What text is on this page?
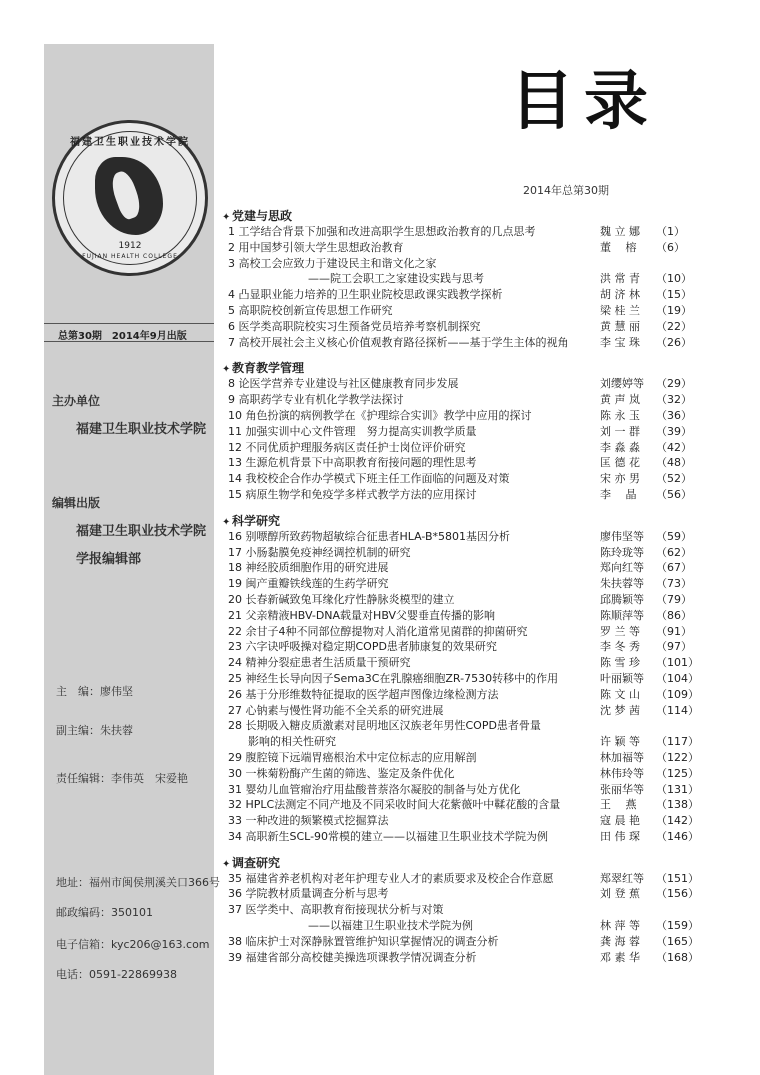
福建卫生职业技术学院
1912
FUJIAN HEALTH COLLEGE
总第30期　2014年9月出版
主办单位
福建卫生职业技术学院
编辑出版
福建卫生职业技术学院
学报编辑部
主　编：廖伟坚
副主编：朱扶蓉
责任编辑：李伟英　宋爱艳
地址：福州市闽侯荆溪关口366号
邮政编码：350101
电子信箱：kyc206@163.com
电话：0591-22869938
目录
2014年总第30期
✦ 党建与思政
1 工学结合背景下加强和改进高职学生思想政治教育的几点思考	魏 立 娜	（1）
2 用中国梦引领大学生思想政治教育	董　 榕	（6）
3 高校工会应致力于建设民主和谐文化之家
——院工会职工之家建设实践与思考	洪 常 青	（10）
4 凸显职业能力培养的卫生职业院校思政课实践教学探析	胡 济 林	（15）
5 高职院校创新宣传思想工作研究	梁 桂 兰	（19）
6 医学类高职院校实习生预备党员培养考察机制探究	黄 慧 丽	（22）
7 高校开展社会主义核心价值观教育路径探析——基于学生主体的视角	李 宝 珠	（26）
✦ 教育教学管理
8 论医学营养专业建设与社区健康教育同步发展	刘缨婷等	（29）
9 高职药学专业有机化学教学法探讨	黄 声 岚	（32）
10 角色扮演的病例教学在《护理综合实训》教学中应用的探讨	陈 永 玉	（36）
11 加强实训中心文件管理　努力提高实训教学质量	刘 一 群	（39）
12 不同优质护理服务病区责任护士岗位评价研究	李 淼 淼	（42）
13 生源危机背景下中高职教育衔接问题的理性思考	匡 德 花	（48）
14 我校校企合作办学模式下班主任工作面临的问题及对策	宋 亦 男	（52）
15 病原生物学和免疫学多样式教学方法的应用探讨	李　 晶	（56）
✦ 科学研究
16 别嘌醇所致药物超敏综合征患者HLA-B*5801基因分析	廖伟坚等	（59）
17 小肠黏膜免疫神经调控机制的研究	陈玲珑等	（62）
18 神经胶质细胞作用的研究进展	郑向红等	（67）
19 闽产重瓣铁线莲的生药学研究	朱扶蓉等	（73）
20 长春新碱致兔耳缘化疗性静脉炎模型的建立	邱腾颖等	（79）
21 父亲精液HBV-DNA载量对HBV父婴垂直传播的影响	陈顺萍等	（86）
22 余甘子4种不同部位醇提物对人消化道常见菌群的抑菌研究	罗 兰 等	（91）
23 六字诀呼吸操对稳定期COPD患者肺康复的效果研究	李 冬 秀	（97）
24 精神分裂症患者生活质量干预研究	陈 雪 珍	（101）
25 神经生长导向因子Sema3C在乳腺癌细胞ZR-7530转移中的作用	叶丽颖等	（104）
26 基于分形维数特征提取的医学超声图像边缘检测方法	陈 文 山	（109）
27 心钠素与慢性肾功能不全关系的研究进展	沈 梦 茜	（114）
28 长期吸入糖皮质激素对昆明地区汉族老年男性COPD患者骨量
影响的相关性研究	许 颖 等	（117）
29 腹腔镜下远端胃癌根治术中定位标志的应用解剖	林加福等	（122）
30 一株菊粉酶产生菌的筛选、鉴定及条件优化	林伟玲等	（125）
31 婴幼儿血管瘤治疗用盐酸普萘洛尔凝胶的制备与处方优化	张丽华等	（131）
32 HPLC法测定不同产地及不同采收时间大花紫薇叶中鞣花酸的含量	王　 燕	（138）
33 一种改进的频繁模式挖掘算法	寇 晨 艳	（142）
34 高职新生SCL-90常模的建立——以福建卫生职业技术学院为例	田 伟 琛	（146）
✦ 调查研究
35 福建省养老机构对老年护理专业人才的素质要求及校企合作意愿	郑翠红等	（151）
36 学院教材质量调查分析与思考	刘 登 蕉	（156）
37 医学类中、高职教育衔接现状分析与对策
——以福建卫生职业技术学院为例	林 萍 等	（159）
38 临床护士对深静脉置管维护知识掌握情况的调查分析	龚 海 蓉	（165）
39 福建省部分高校健美操选项课教学情况调查分析	邓 素 华	（168）
